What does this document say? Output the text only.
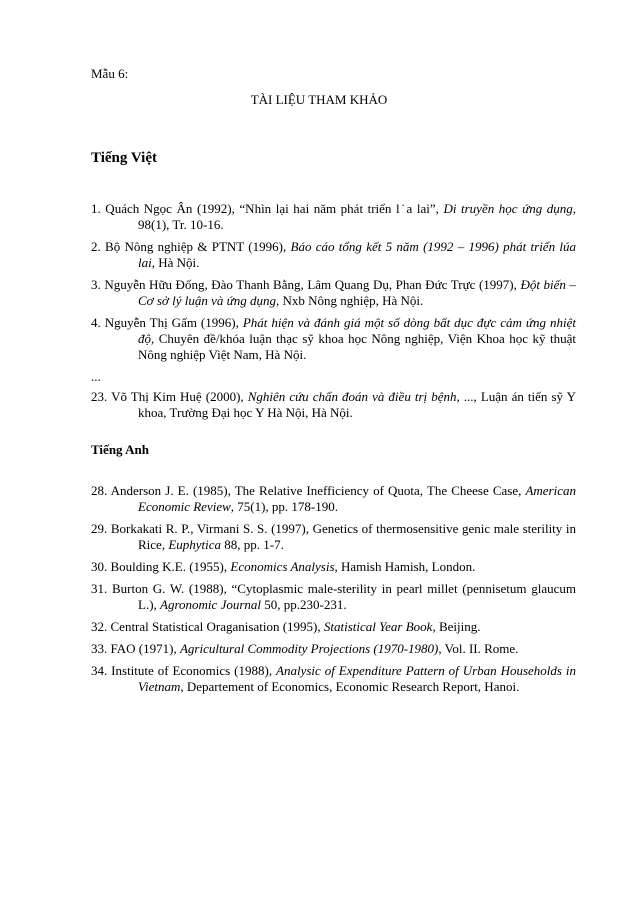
Mẫu 6:
TÀI LIỆU THAM KHẢO
Tiếng Việt
1. Quách Ngọc Ân (1992), “Nhìn lại hai năm phát triển l˙a lai”, Di truyền học ứng dụng, 98(1), Tr. 10-16.
2. Bộ Nông nghiệp & PTNT (1996), Báo cáo tổng kết 5 năm (1992 – 1996) phát triển lúa lai, Hà Nội.
3. Nguyễn Hữu Đống, Đào Thanh Bằng, Lâm Quang Dụ, Phan Đức Trực (1997), Đột biến – Cơ sở lý luận và ứng dụng, Nxb Nông nghiệp, Hà Nội.
4. Nguyễn Thị Gấm (1996), Phát hiện và đánh giá một số dòng bất dục đực cảm ứng nhiệt độ, Chuyên đề/khóa luận thạc sỹ khoa học Nông nghiệp, Viện Khoa học kỹ thuật Nông nghiệp Việt Nam, Hà Nội.
...
23. Võ Thị Kim Huệ (2000), Nghiên cứu chẩn đoán và điều trị bệnh, ..., Luận án tiến sỹ Y khoa, Trường Đại học Y Hà Nội, Hà Nội.
Tiếng Anh
28. Anderson J. E. (1985), The Relative Inefficiency of Quota, The Cheese Case, American Economic Review, 75(1), pp. 178-190.
29. Borkakati R. P., Virmani S. S. (1997), Genetics of thermosensitive genic male sterility in Rice, Euphytica 88, pp. 1-7.
30. Boulding K.E. (1955), Economics Analysis, Hamish Hamish, London.
31. Burton G. W. (1988), “Cytoplasmic male-sterility in pearl millet (pennisetum glaucum L.), Agronomic Journal 50, pp.230-231.
32. Central Statistical Oraganisation (1995), Statistical Year Book, Beijing.
33. FAO (1971), Agricultural Commodity Projections (1970-1980), Vol. II. Rome.
34. Institute of Economics (1988), Analysic of Expenditure Pattern of Urban Households in Vietnam, Departement of Economics, Economic Research Report, Hanoi.
